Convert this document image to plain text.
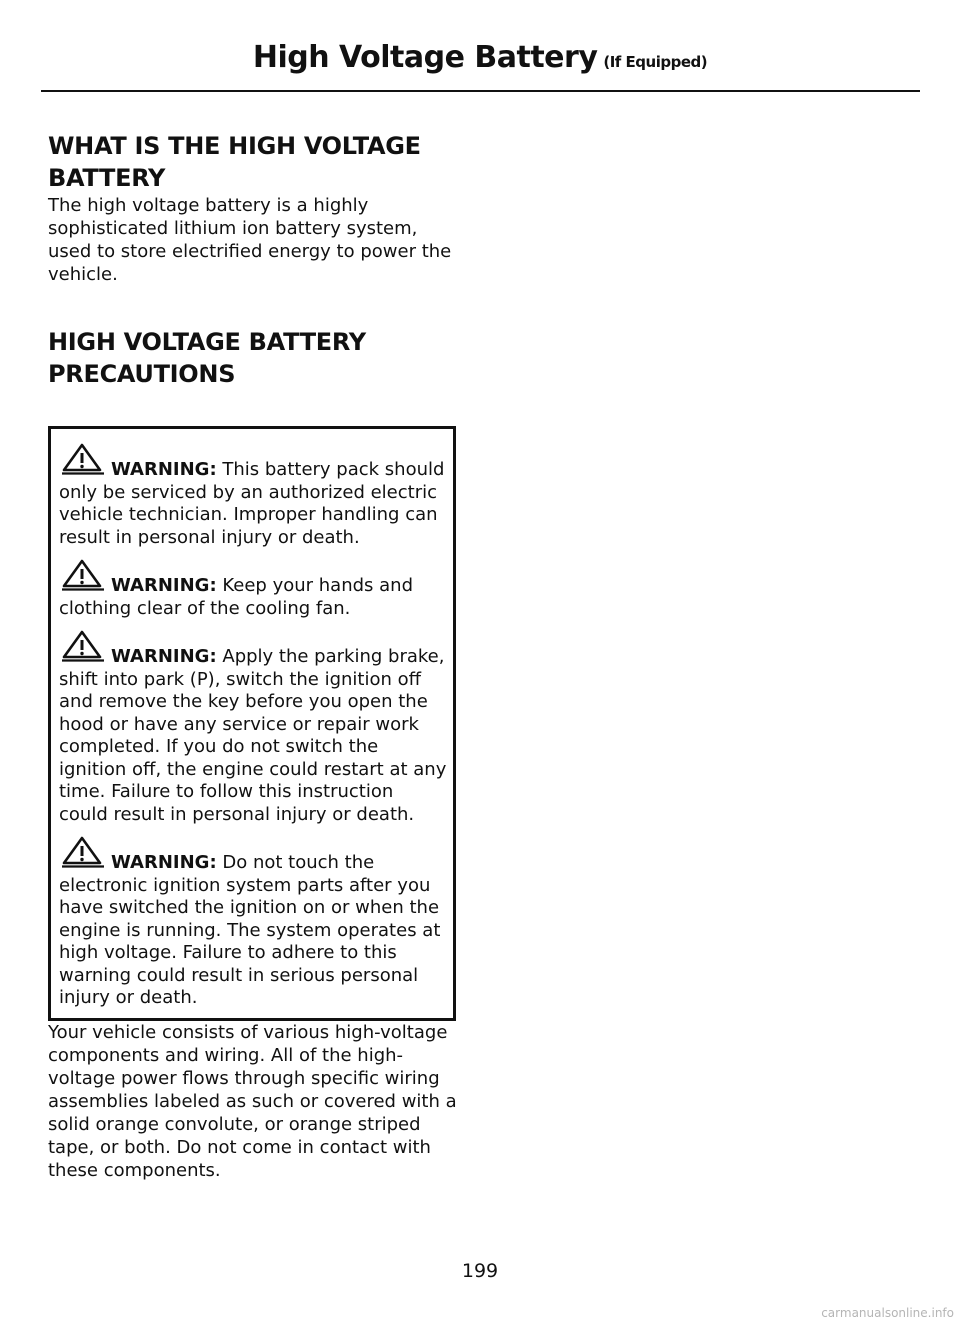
High Voltage Battery (If Equipped)
WHAT IS THE HIGH VOLTAGE
BATTERY

The high voltage battery is a highly sophisticated lithium ion battery system, used to store electrified energy to power the vehicle.

HIGH VOLTAGE BATTERY
PRECAUTIONS

WARNING: This battery pack should only be serviced by an authorized electric vehicle technician. Improper handling can result in personal injury or death.

WARNING: Keep your hands and clothing clear of the cooling fan.

WARNING: Apply the parking brake, shift into park (P), switch the ignition off and remove the key before you open the hood or have any service or repair work completed. If you do not switch the ignition off, the engine could restart at any time. Failure to follow this instruction could result in personal injury or death.

WARNING: Do not touch the electronic ignition system parts after you have switched the ignition on or when the engine is running. The system operates at high voltage. Failure to adhere to this warning could result in serious personal injury or death.

Your vehicle consists of various high-voltage components and wiring. All of the high-voltage power flows through specific wiring assemblies labeled as such or covered with a solid orange convolute, or orange striped tape, or both. Do not come in contact with these components.

199
carmanualsonline.info
